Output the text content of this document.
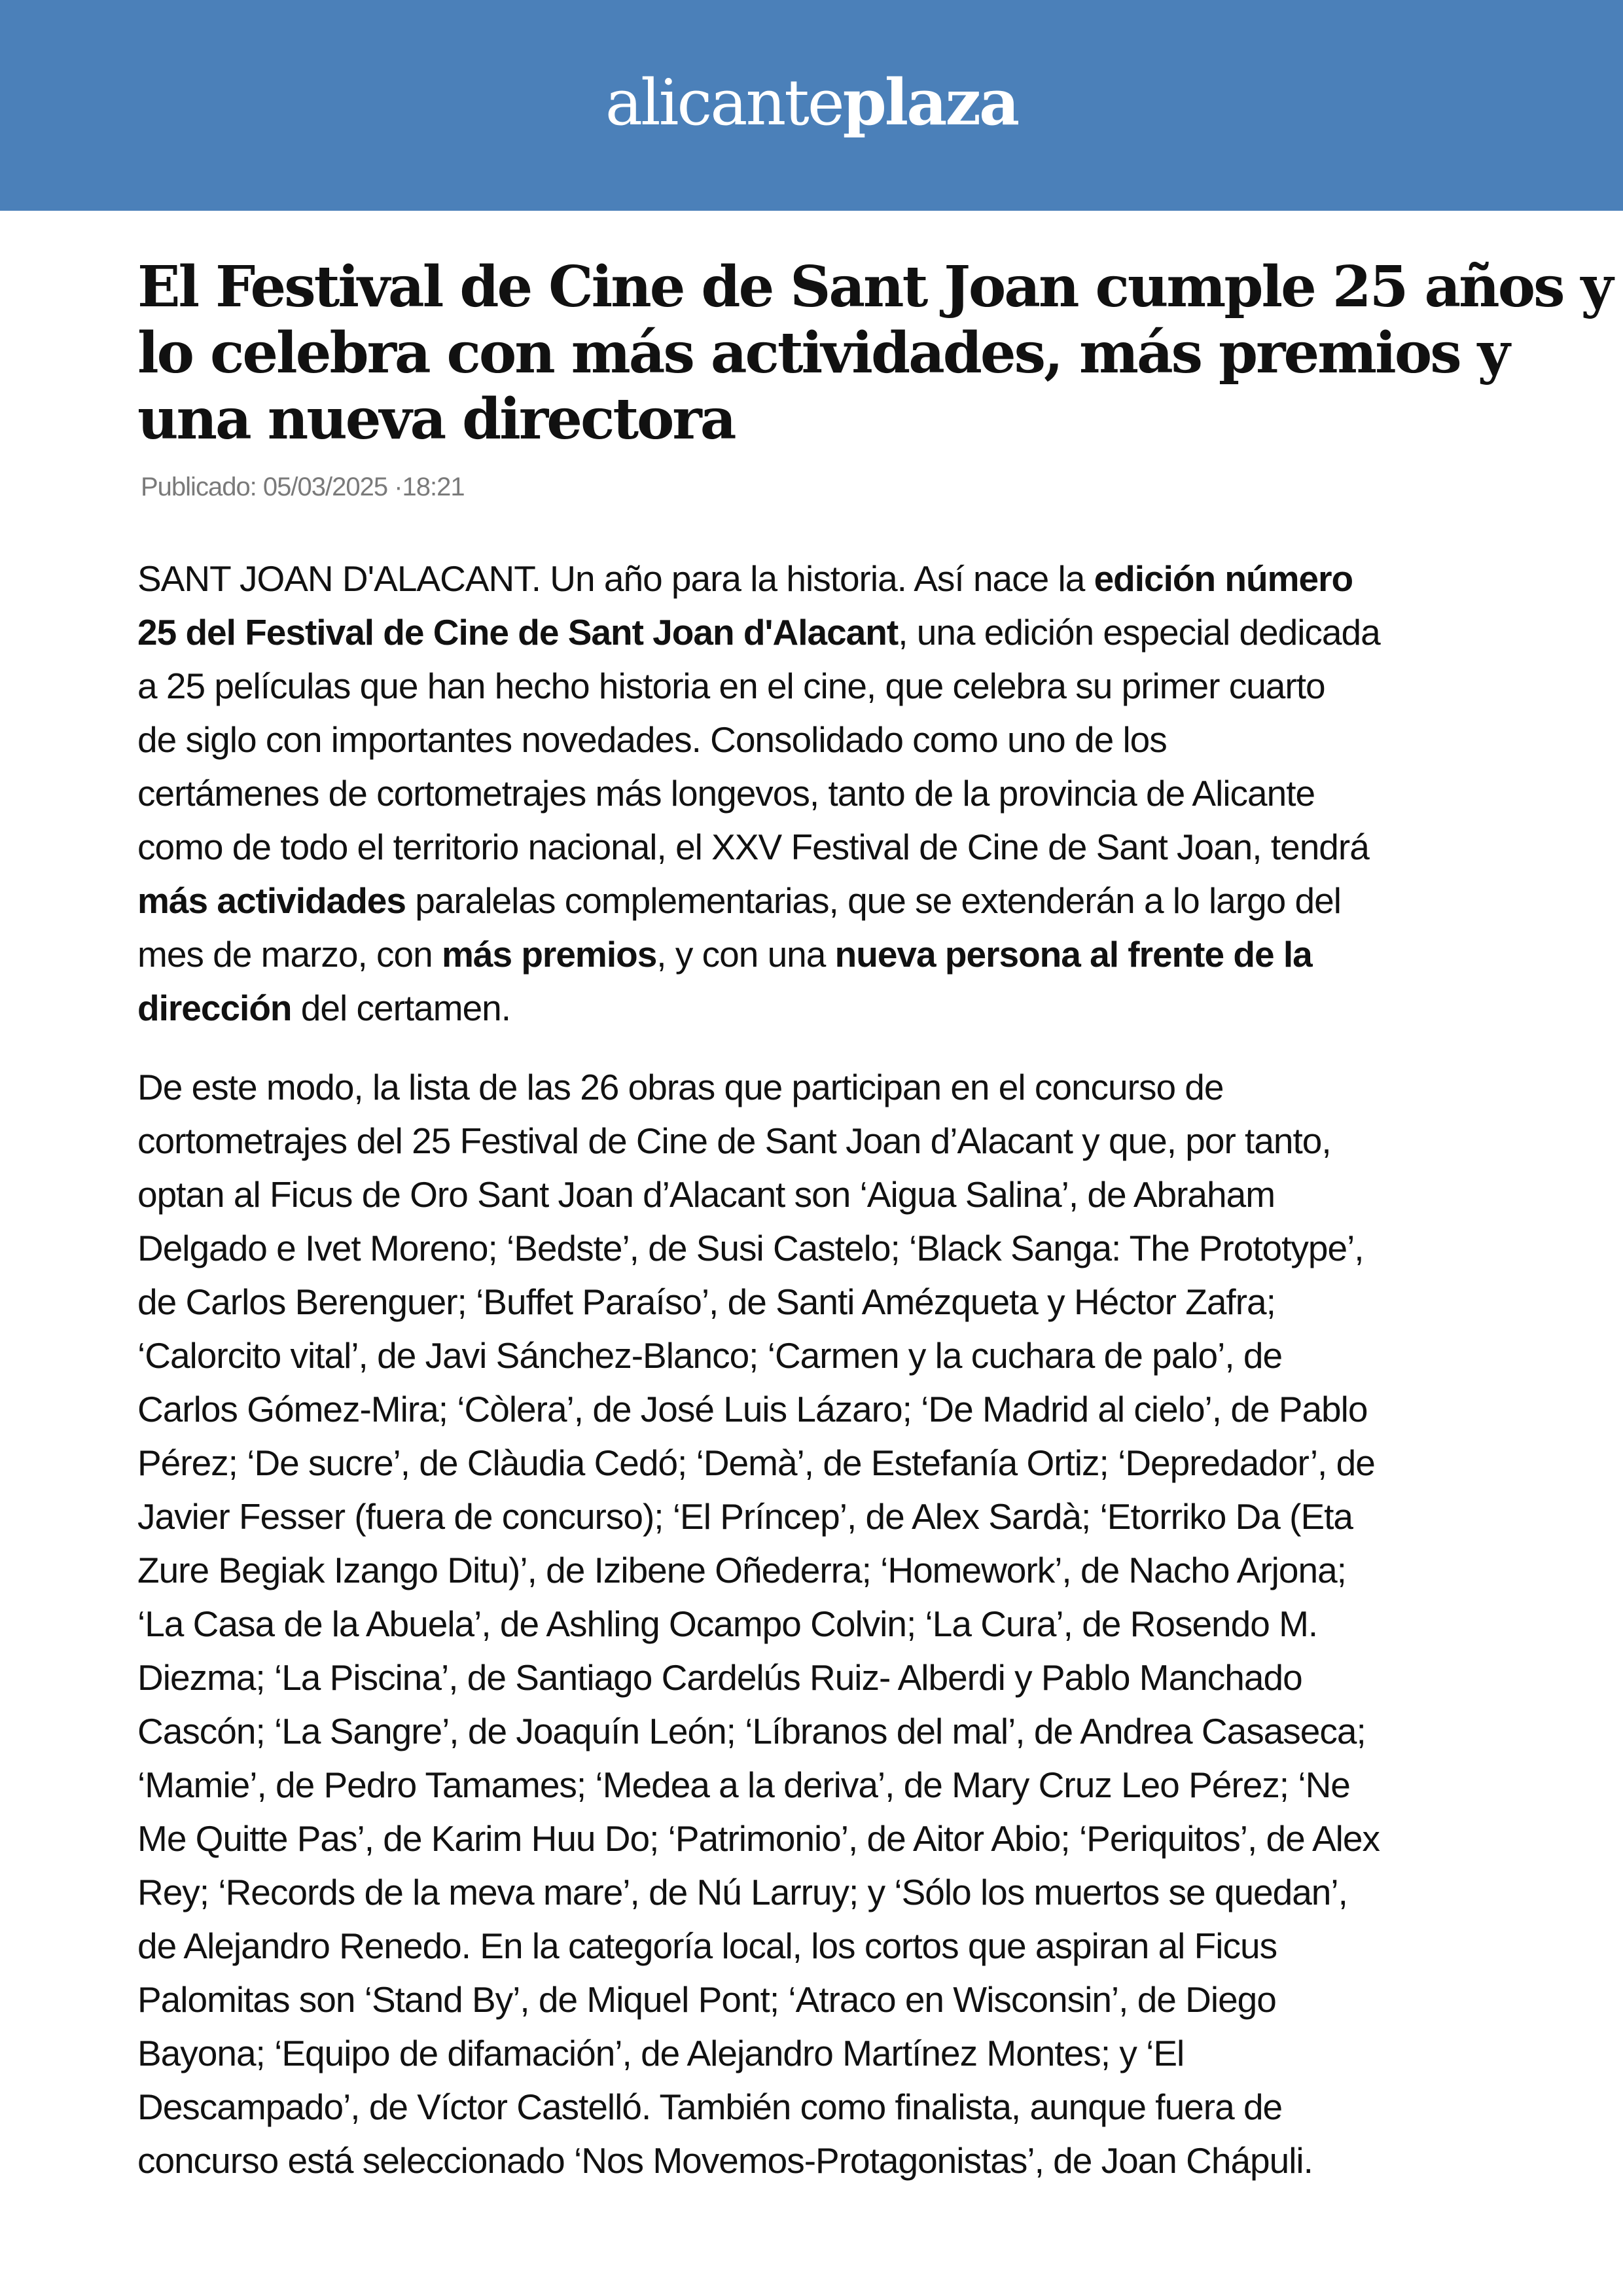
alicanteplaza
El Festival de Cine de Sant Joan cumple 25 años y
lo celebra con más actividades, más premios y
una nueva directora
Publicado: 05/03/2025 ·18:21
SANT JOAN D'ALACANT. Un año para la historia. Así nace la edición número
25 del Festival de Cine de Sant Joan d'Alacant, una edición especial dedicada
a 25 películas que han hecho historia en el cine, que celebra su primer cuarto
de siglo con importantes novedades. Consolidado como uno de los
certámenes de cortometrajes más longevos, tanto de la provincia de Alicante
como de todo el territorio nacional, el XXV Festival de Cine de Sant Joan, tendrá
más actividades paralelas complementarias, que se extenderán a lo largo del
mes de marzo, con más premios, y con una nueva persona al frente de la
dirección del certamen.
De este modo, la lista de las 26 obras que participan en el concurso de
cortometrajes del 25 Festival de Cine de Sant Joan d’Alacant y que, por tanto,
optan al Ficus de Oro Sant Joan d’Alacant son ‘Aigua Salina’, de Abraham
Delgado e Ivet Moreno; ‘Bedste’, de Susi Castelo; ‘Black Sanga: The Prototype’,
de Carlos Berenguer; ‘Buffet Paraíso’, de Santi Amézqueta y Héctor Zafra;
‘Calorcito vital’, de Javi Sánchez-Blanco; ‘Carmen y la cuchara de palo’, de
Carlos Gómez-Mira; ‘Còlera’, de José Luis Lázaro; ‘De Madrid al cielo’, de Pablo
Pérez; ‘De sucre’, de Clàudia Cedó; ‘Demà’, de Estefanía Ortiz; ‘Depredador’, de
Javier Fesser (fuera de concurso); ‘El Príncep’, de Alex Sardà; ‘Etorriko Da (Eta
Zure Begiak Izango Ditu)’, de Izibene Oñederra; ‘Homework’, de Nacho Arjona;
‘La Casa de la Abuela’, de Ashling Ocampo Colvin; ‘La Cura’, de Rosendo M.
Diezma; ‘La Piscina’, de Santiago Cardelús Ruiz- Alberdi y Pablo Manchado
Cascón; ‘La Sangre’, de Joaquín León; ‘Líbranos del mal’, de Andrea Casaseca;
‘Mamie’, de Pedro Tamames; ‘Medea a la deriva’, de Mary Cruz Leo Pérez; ‘Ne
Me Quitte Pas’, de Karim Huu Do; ‘Patrimonio’, de Aitor Abio; ‘Periquitos’, de Alex
Rey; ‘Records de la meva mare’, de Nú Larruy; y ‘Sólo los muertos se quedan’,
de Alejandro Renedo. En la categoría local, los cortos que aspiran al Ficus
Palomitas son ‘Stand By’, de Miquel Pont; ‘Atraco en Wisconsin’, de Diego
Bayona; ‘Equipo de difamación’, de Alejandro Martínez Montes; y ‘El
Descampado’, de Víctor Castelló. También como finalista, aunque fuera de
concurso está seleccionado ‘Nos Movemos-Protagonistas’, de Joan Chápuli.
